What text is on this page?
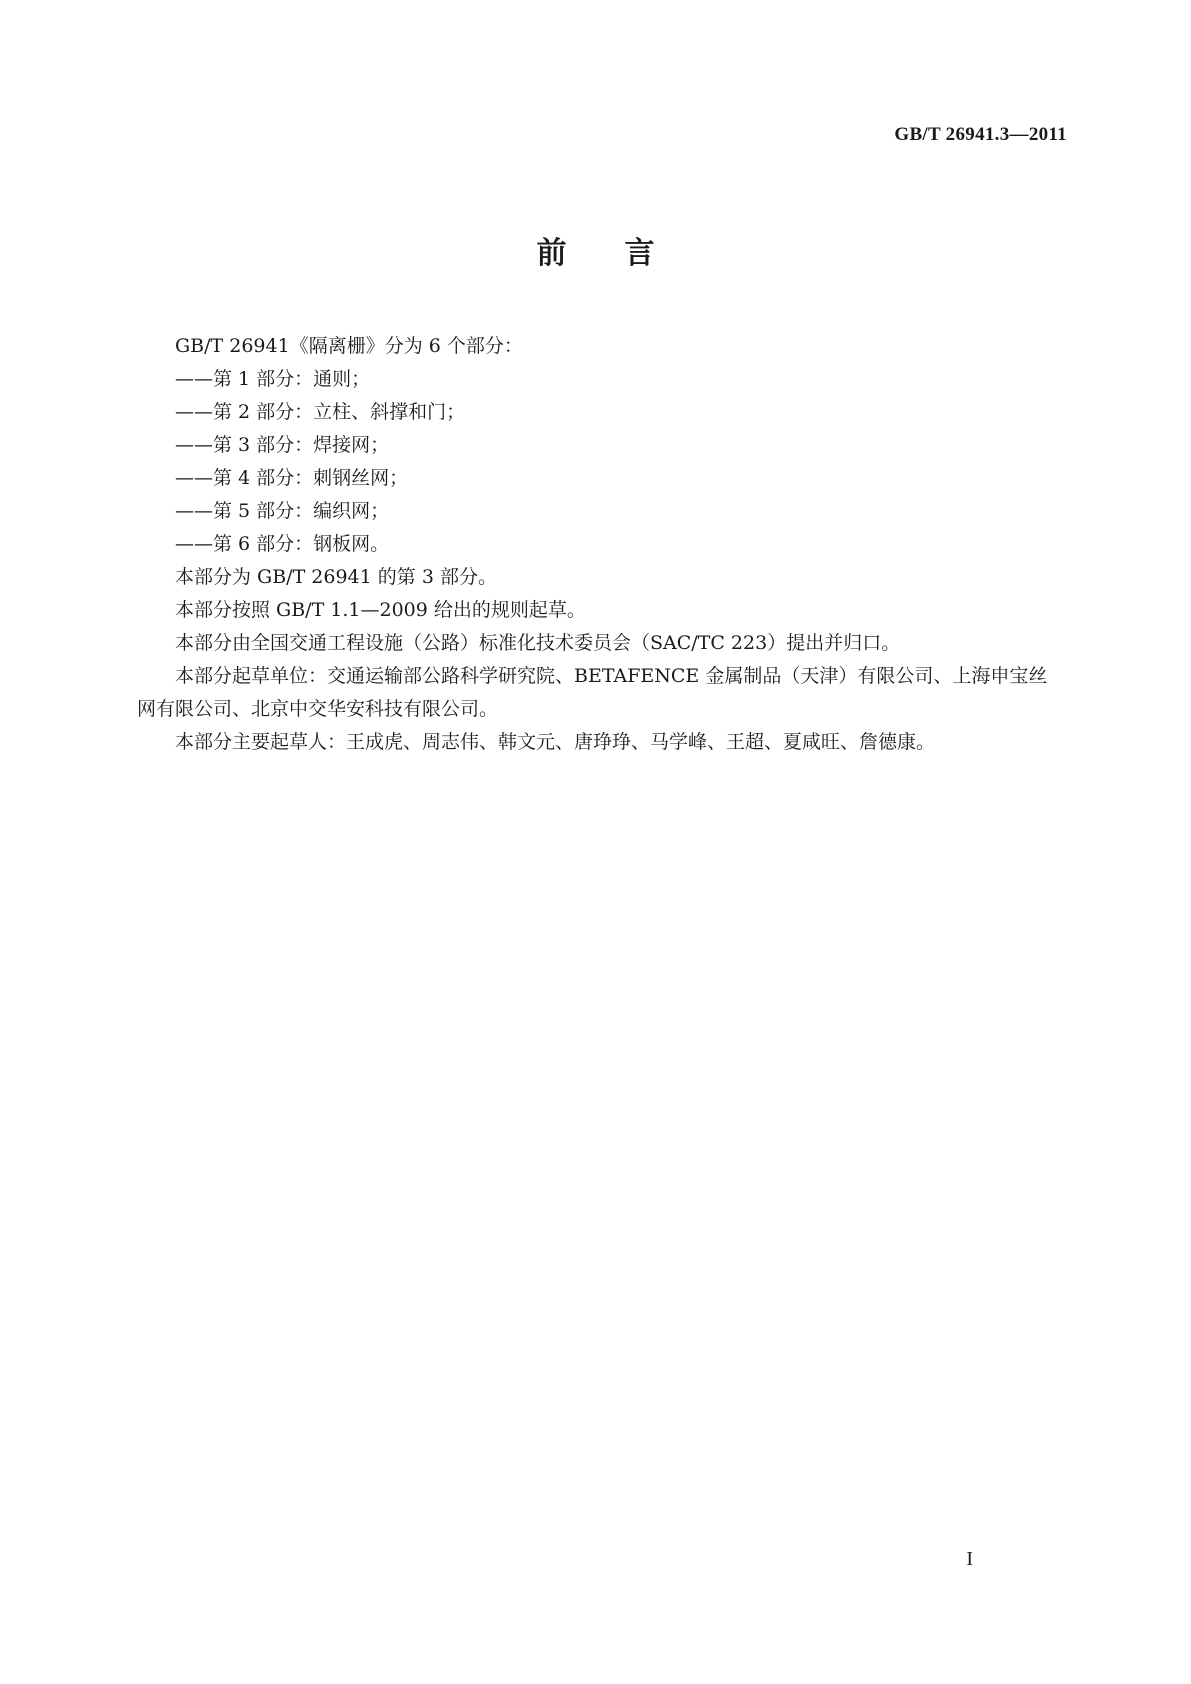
GB/T 26941.3—2011
前言

GB/T 26941《隔离栅》分为 6 个部分：

——第 1 部分：通则；

——第 2 部分：立柱、斜撑和门；

——第 3 部分：焊接网；

——第 4 部分：刺钢丝网；

——第 5 部分：编织网；

——第 6 部分：钢板网。

本部分为 GB/T 26941 的第 3 部分。

本部分按照 GB/T 1.1—2009 给出的规则起草。

本部分由全国交通工程设施（公路）标准化技术委员会（SAC/TC 223）提出并归口。

本部分起草单位：交通运输部公路科学研究院、BETAFENCE 金属制品（天津）有限公司、上海申宝丝网有限公司、北京中交华安科技有限公司。

本部分主要起草人：王成虎、周志伟、韩文元、唐琤琤、马学峰、王超、夏咸旺、詹德康。

I
